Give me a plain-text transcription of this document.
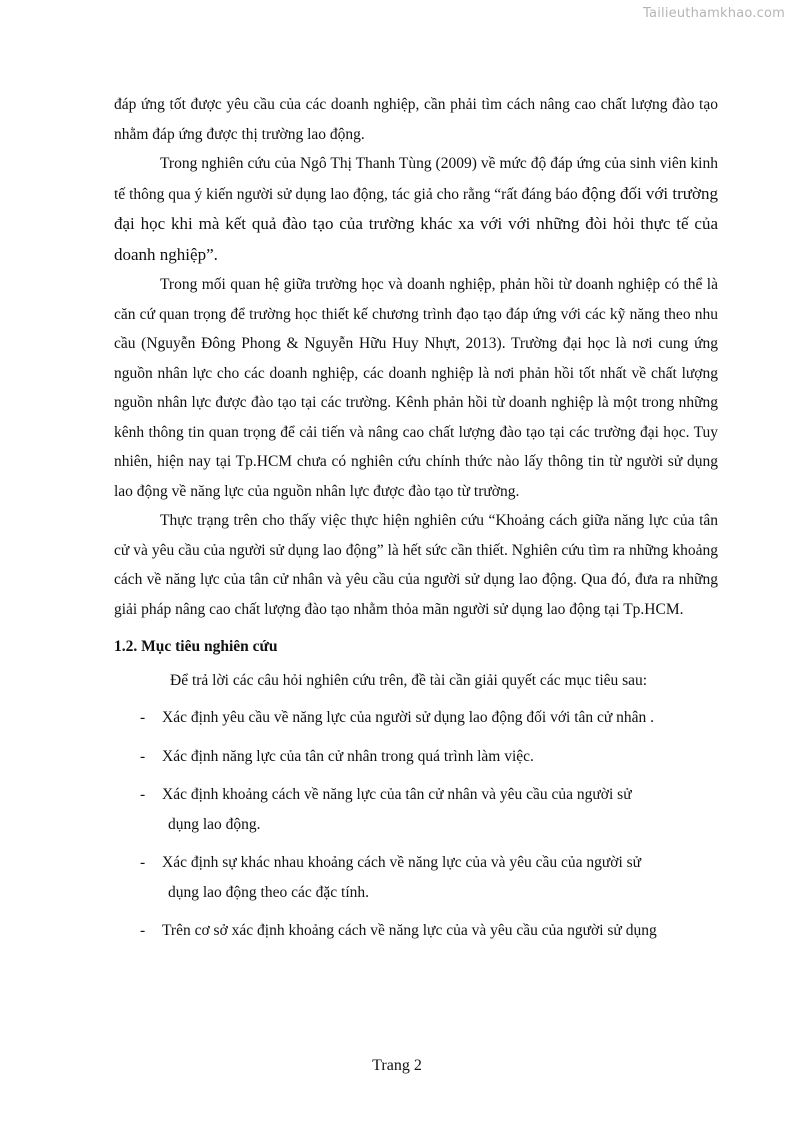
Tailieuthamkhao.com

đáp ứng tốt được yêu cầu của các doanh nghiệp, cần phải tìm cách nâng cao chất lượng đào tạo nhằm đáp ứng được thị trường lao động.

Trong nghiên cứu của Ngô Thị Thanh Tùng (2009) về mức độ đáp ứng của sinh viên kinh tế thông qua ý kiến người sử dụng lao động, tác giả cho rằng “rất đáng báo động đối với trường đại học khi mà kết quả đào tạo của trường khác xa với với những đòi hỏi thực tế của doanh nghiệp”.

Trong mối quan hệ giữa trường học và doanh nghiệp, phản hồi từ doanh nghiệp có thể là căn cứ quan trọng để trường học thiết kế chương trình đạo tạo đáp ứng với các kỹ năng theo nhu cầu (Nguyễn Đông Phong & Nguyễn Hữu Huy Nhựt, 2013). Trường đại học là nơi cung ứng nguồn nhân lực cho các doanh nghiệp, các doanh nghiệp là nơi phản hồi tốt nhất về chất lượng nguồn nhân lực được đào tạo tại các trường. Kênh phản hồi từ doanh nghiệp là một trong những kênh thông tin quan trọng để cải tiến và nâng cao chất lượng đào tạo tại các trường đại học. Tuy nhiên, hiện nay tại Tp.HCM chưa có nghiên cứu chính thức nào lấy thông tin từ người sử dụng lao động về năng lực của nguồn nhân lực được đào tạo từ trường.

Thực trạng trên cho thấy việc thực hiện nghiên cứu “Khoảng cách giữa năng lực của tân cử và yêu cầu của người sử dụng lao động” là hết sức cần thiết. Nghiên cứu tìm ra những khoảng cách về năng lực của tân cử nhân và yêu cầu của người sử dụng lao động. Qua đó, đưa ra những giải pháp nâng cao chất lượng đào tạo nhằm thỏa mãn người sử dụng lao động tại Tp.HCM.

1.2. Mục tiêu nghiên cứu

Để trả lời các câu hỏi nghiên cứu trên, đề tài cần giải quyết các mục tiêu sau:

- Xác định yêu cầu về năng lực của người sử dụng lao động đối với tân cử nhân .
- Xác định năng lực của tân cử nhân trong quá trình làm việc.
- Xác định khoảng cách về năng lực của tân cử nhân và yêu cầu của người sử
dụng lao động.
- Xác định sự khác nhau khoảng cách về năng lực của và yêu cầu của người sử
dụng lao động theo các đặc tính.
- Trên cơ sở xác định khoảng cách về năng lực của và yêu cầu của người sử dụng
Trang 2
